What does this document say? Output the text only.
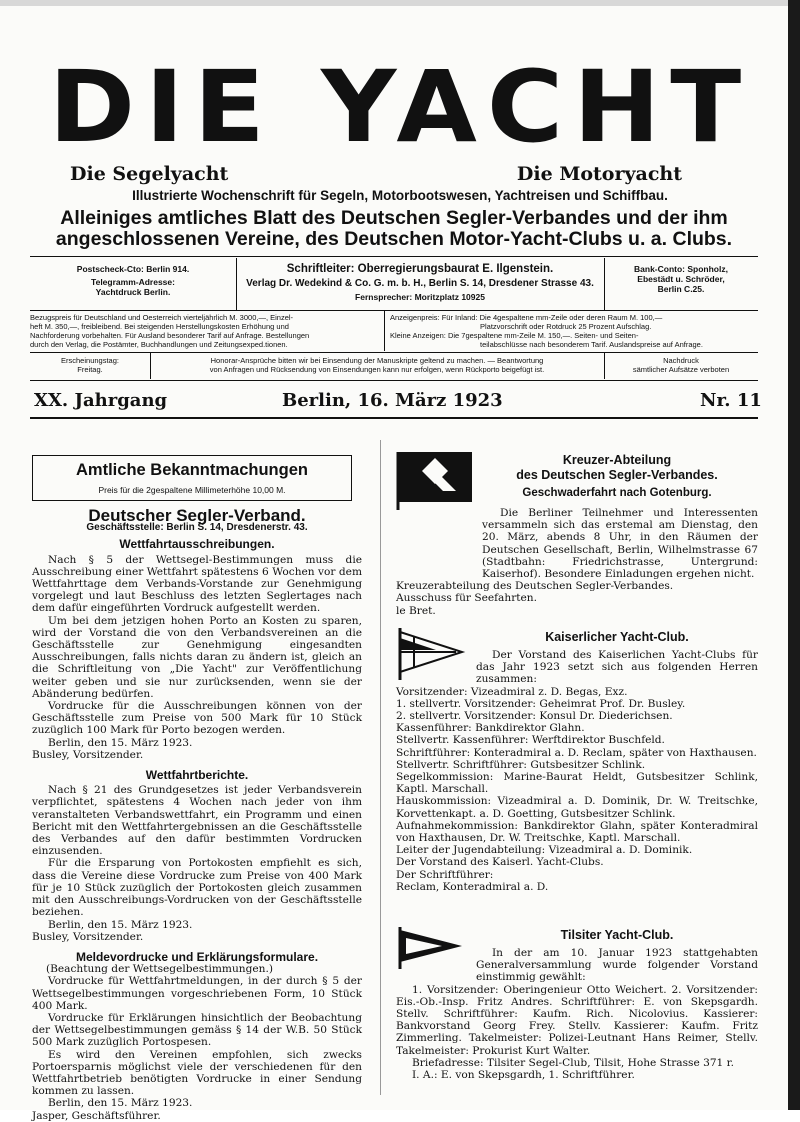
DIE YACHT
Die Segelyacht	Die Motoryacht
Illustrierte Wochenschrift für Segeln, Motorbootswesen, Yachtreisen und Schiffbau.
Alleiniges amtliches Blatt des Deutschen Segler-Verbandes und der ihm
angeschlossenen Vereine, des Deutschen Motor-Yacht-Clubs u. a. Clubs.
Postscheck-Cto: Berlin 914.
Telegramm-Adresse:
Yachtdruck Berlin.
Schriftleiter: Oberregierungsbaurat E. Ilgenstein.
Verlag Dr. Wedekind & Co. G. m. b. H., Berlin S. 14, Dresdener Strasse 43.
Fernsprecher: Moritzplatz 10925
Bank-Conto: Sponholz,
Ebestädt u. Schröder,
Berlin C.25.
Bezugspreis für Deutschland und Oesterreich vierteljährlich M. 3000,—, Einzel-
heft M. 350,—, freibleibend. Bei steigenden Herstellungskosten Erhöhung und
Nachforderung vorbehalten. Für Ausland besonderer Tarif auf Anfrage. Bestellungen
durch den Verlag, die Postämter, Buchhandlungen und Zeitungsexped.tionen.
Anzeigenpreis: Für Inland: Die 4gespaltene mm-Zeile oder deren Raum M. 100,—
Platzvorschrift oder Rotdruck 25 Prozent Aufschlag.
Kleine Anzeigen: Die 7gespaltene mm-Zeile M. 150,—. Seiten- und Seiten-
teilabschlüsse nach besonderem Tarif. Auslandspreise auf Anfrage.
Erscheinungstag:
Freitag.
Honorar-Ansprüche bitten wir bei Einsendung der Manuskripte geltend zu machen. — Beantwortung
von Anfragen und Rücksendung von Einsendungen kann nur erfolgen, wenn Rückporto beigefügt ist.
Nachdruck
sämtlicher Aufsätze verboten
XX. Jahrgang	Berlin, 16. März 1923	Nr. 11
Amtliche Bekanntmachungen
Preis für die 2gespaltene Millimeterhöhe 10,00 M.
Deutscher Segler-Verband.
Geschäftsstelle: Berlin S. 14, Dresdenerstr. 43.
Wettfahrtausschreibungen.

Nach § 5 der Wettsegel-Bestimmungen muss die Ausschreibung einer Wettfahrt spätestens 6 Wochen vor dem Wettfahrttage dem Verbands-Vorstande zur Genehmigung vorgelegt und laut Beschluss des letzten Seglertages nach dem dafür eingeführten Vordruck aufgestellt werden.

Um bei dem jetzigen hohen Porto an Kosten zu sparen, wird der Vorstand die von den Verbandsvereinen an die Geschäftsstelle zur Genehmigung eingesandten Ausschreibungen, falls nichts daran zu ändern ist, gleich an die Schriftleitung von „Die Yacht" zur Veröffentlichung weiter geben und sie nur zurücksenden, wenn sie der Abänderung bedürfen.

Vordrucke für die Ausschreibungen können von der Geschäftsstelle zum Preise von 500 Mark für 10 Stück zuzüglich 100 Mark für Porto bezogen werden.

Berlin, den 15. März 1923.

Busley, Vorsitzender.

Wettfahrtberichte.

Nach § 21 des Grundgesetzes ist jeder Verbandsverein verpflichtet, spätestens 4 Wochen nach jeder von ihm veranstalteten Verbandswettfahrt, ein Programm und einen Bericht mit den Wettfahrtergebnissen an die Geschäftsstelle des Verbandes auf den dafür bestimmten Vordrucken einzusenden.

Für die Ersparung von Portokosten empfiehlt es sich, dass die Vereine diese Vordrucke zum Preise von 400 Mark für je 10 Stück zuzüglich der Portokosten gleich zusammen mit den Ausschreibungs-Vordrucken von der Geschäftsstelle beziehen.

Berlin, den 15. März 1923.

Busley, Vorsitzender.

Meldevordrucke und Erklärungsformulare.

(Beachtung der Wettsegelbestimmungen.)

Vordrucke für Wettfahrtmeldungen, in der durch § 5 der Wettsegelbestimmungen vorgeschriebenen Form, 10 Stück 400 Mark.

Vordrucke für Erklärungen hinsichtlich der Beobachtung der Wettsegelbestimmungen gemäss § 14 der W.B. 50 Stück 500 Mark zuzüglich Portospesen.

Es wird den Vereinen empfohlen, sich zwecks Portoersparnis möglichst viele der verschiedenen für den Wettfahrtbetrieb benötigten Vordrucke in einer Sendung kommen zu lassen.

Berlin, den 15. März 1923.

Jasper, Geschäftsführer.

Kreuzer-Abteilung
des Deutschen Segler-Verbandes.
Geschwaderfahrt nach Gotenburg.

Die Berliner Teilnehmer und Interessenten versammeln sich das erstemal am Dienstag, den 20. März, abends 8 Uhr, in den Räumen der Deutschen Gesellschaft, Berlin, Wilhelmstrasse 67 (Stadtbahn: Friedrichstrasse, Untergrund: Kaiserhof). Besondere Einladungen ergehen nicht.

Kreuzerabteilung des Deutschen Segler-Verbandes.

Ausschuss für Seefahrten.

le Bret.

Kaiserlicher Yacht-Club.

Der Vorstand des Kaiserlichen Yacht-Clubs für das Jahr 1923 setzt sich aus folgenden Herren zusammen:

Vorsitzender: Vizeadmiral z. D. Begas, Exz.

1. stellvertr. Vorsitzender: Geheimrat Prof. Dr. Busley.

2. stellvertr. Vorsitzender: Konsul Dr. Diederichsen.

Kassenführer: Bankdirektor Glahn.

Stellvertr. Kassenführer: Werftdirektor Buschfeld.

Schriftführer: Konteradmiral a. D. Reclam, später von Haxthausen.

Stellvertr. Schriftführer: Gutsbesitzer Schlink.

Segelkommission: Marine-Baurat Heldt, Gutsbesitzer Schlink, Kaptl. Marschall.

Hauskommission: Vizeadmiral a. D. Dominik, Dr. W. Treitschke, Korvettenkapt. a. D. Goetting, Gutsbesitzer Schlink.

Aufnahmekommission: Bankdirektor Glahn, später Konteradmiral von Haxthausen, Dr. W. Treitschke, Kaptl. Marschall.

Leiter der Jugendabteilung: Vizeadmiral a. D. Dominik.

Der Vorstand des Kaiserl. Yacht-Clubs.

Der Schriftführer:

Reclam, Konteradmiral a. D.

Tilsiter Yacht-Club.

In der am 10. Januar 1923 stattgehabten Generalversammlung wurde folgender Vorstand einstimmig gewählt:

1. Vorsitzender: Oberingenieur Otto Weichert. 2. Vorsitzender: Eis.-Ob.-Insp. Fritz Andres. Schriftführer: E. von Skepsgardh. Stellv. Schriftführer: Kaufm. Rich. Nicolovius. Kassierer: Bankvorstand Georg Frey. Stellv. Kassierer: Kaufm. Fritz Zimmerling. Takelmeister: Polizei-Leutnant Hans Reimer, Stellv. Takelmeister: Prokurist Kurt Walter.

Briefadresse: Tilsiter Segel-Club, Tilsit, Hohe Strasse 371 r.

I. A.: E. von Skepsgardh, 1. Schriftführer.
